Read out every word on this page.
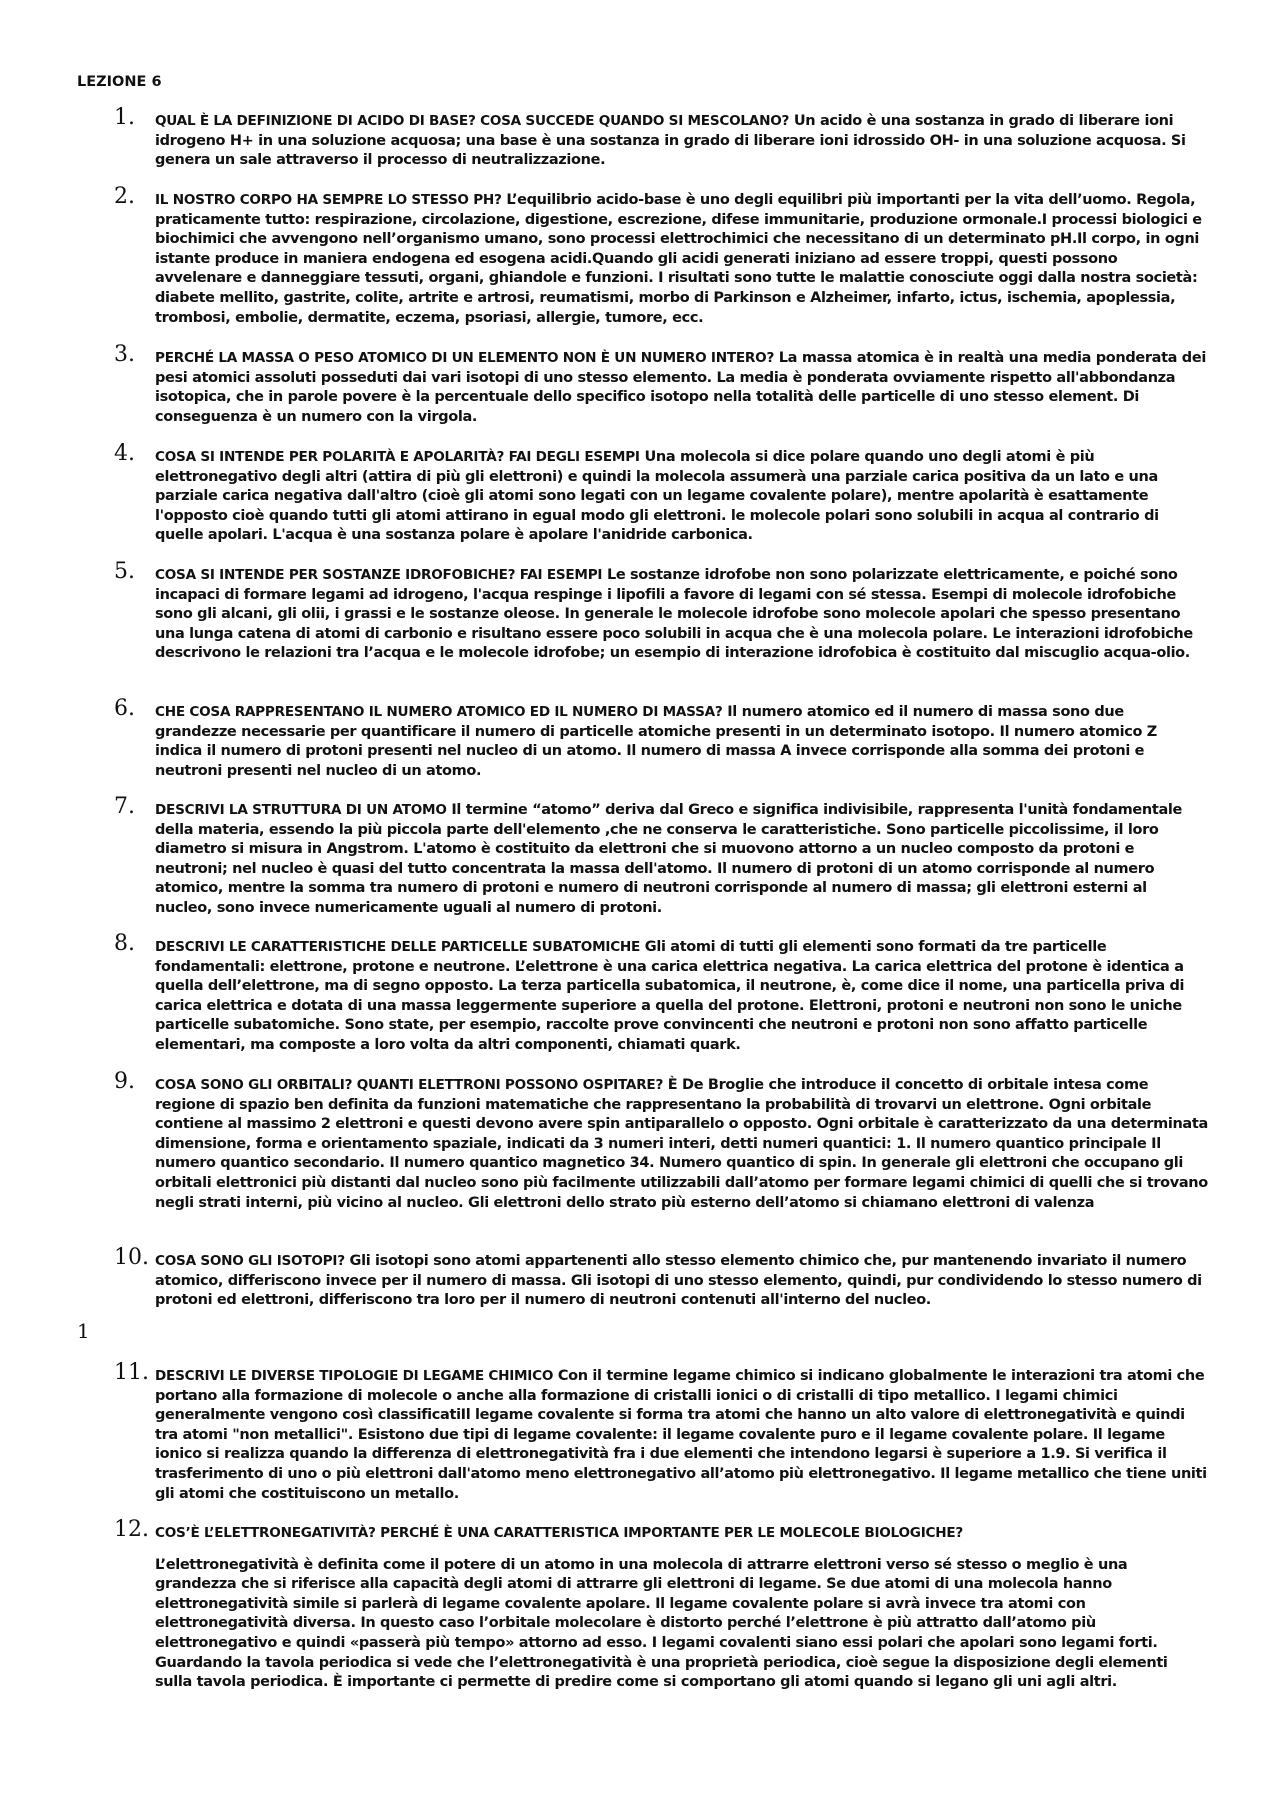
LEZIONE 6
1.	QUAL È LA DEFINIZIONE DI ACIDO DI BASE? COSA SUCCEDE QUANDO SI MESCOLANO? Un acido è una sostanza in grado di liberare ioni idrogeno H+ in una soluzione acquosa; una base è una sostanza in grado di liberare ioni idrossido OH- in una soluzione acquosa. Si genera un sale attraverso il processo di neutralizzazione.
2.	IL NOSTRO CORPO HA SEMPRE LO STESSO PH? L’equilibrio acido-base è uno degli equilibri più importanti per la vita dell’uomo. Regola, praticamente tutto: respirazione, circolazione, digestione, escrezione, difese immunitarie, produzione ormonale.I processi biologici e biochimici che avvengono nell’organismo umano, sono processi elettrochimici che necessitano di un determinato pH.Il corpo, in ogni istante produce in maniera endogena ed esogena acidi.Quando gli acidi generati iniziano ad essere troppi, questi possono avvelenare e danneggiare tessuti, organi, ghiandole e funzioni. I risultati sono tutte le malattie conosciute oggi dalla nostra società: diabete mellito, gastrite, colite, artrite e artrosi, reumatismi, morbo di Parkinson e Alzheimer, infarto, ictus, ischemia, apoplessia, trombosi, embolie, dermatite, eczema, psoriasi, allergie, tumore, ecc.
3.	PERCHÉ LA MASSA O PESO ATOMICO DI UN ELEMENTO NON È UN NUMERO INTERO? La massa atomica è in realtà una media ponderata dei pesi atomici assoluti posseduti dai vari isotopi di uno stesso elemento. La media è ponderata ovviamente rispetto all'abbondanza isotopica, che in parole povere è la percentuale dello specifico isotopo nella totalità delle particelle di uno stesso element. Di conseguenza è un numero con la virgola.
4.	COSA SI INTENDE PER POLARITÀ E APOLARITÀ? FAI DEGLI ESEMPI Una molecola si dice polare quando uno degli atomi è più elettronegativo degli altri (attira di più gli elettroni) e quindi la molecola assumerà una parziale carica positiva da un lato e una parziale carica negativa dall'altro (cioè gli atomi sono legati con un legame covalente polare), mentre apolarità è esattamente l'opposto cioè quando tutti gli atomi attirano in egual modo gli elettroni. le molecole polari sono solubili in acqua al contrario di quelle apolari. L'acqua è una sostanza polare è apolare l'anidride carbonica.
5.	COSA SI INTENDE PER SOSTANZE IDROFOBICHE? FAI ESEMPI Le sostanze idrofobe non sono polarizzate elettricamente, e poiché sono incapaci di formare legami ad idrogeno, l'acqua respinge i lipofili a favore di legami con sé stessa. Esempi di molecole idrofobiche sono gli alcani, gli olii, i grassi e le sostanze oleose. In generale le molecole idrofobe sono molecole apolari che spesso presentano una lunga catena di atomi di carbonio e risultano essere poco solubili in acqua che è una molecola polare. Le interazioni idrofobiche descrivono le relazioni tra l’acqua e le molecole idrofobe; un esempio di interazione idrofobica è costituito dal miscuglio acqua-olio.
6.	CHE COSA RAPPRESENTANO IL NUMERO ATOMICO ED IL NUMERO DI MASSA? Il numero atomico ed il numero di massa sono due grandezze necessarie per quantificare il numero di particelle atomiche presenti in un determinato isotopo. Il numero atomico Z indica il numero di protoni presenti nel nucleo di un atomo. Il numero di massa A invece corrisponde alla somma dei protoni e neutroni presenti nel nucleo di un atomo.
7.	DESCRIVI LA STRUTTURA DI UN ATOMO Il termine “atomo” deriva dal Greco e significa indivisibile, rappresenta l'unità fondamentale della materia, essendo la più piccola parte dell'elemento ,che ne conserva le caratteristiche. Sono particelle piccolissime, il loro diametro si misura in Angstrom. L'atomo è costituito da elettroni che si muovono attorno a un nucleo composto da protoni e neutroni; nel nucleo è quasi del tutto concentrata la massa dell'atomo. Il numero di protoni di un atomo corrisponde al numero atomico, mentre la somma tra numero di protoni e numero di neutroni corrisponde al numero di massa; gli elettroni esterni al nucleo, sono invece numericamente uguali al numero di protoni.
8.	DESCRIVI LE CARATTERISTICHE DELLE PARTICELLE SUBATOMICHE Gli atomi di tutti gli elementi sono formati da tre particelle fondamentali: elettrone, protone e neutrone. L’elettrone è una carica elettrica negativa. La carica elettrica del protone è identica a quella dell’elettrone, ma di segno opposto. La terza particella subatomica, il neutrone, è, come dice il nome, una particella priva di carica elettrica e dotata di una massa leggermente superiore a quella del protone. Elettroni, protoni e neutroni non sono le uniche particelle subatomiche. Sono state, per esempio, raccolte prove convincenti che neutroni e protoni non sono affatto particelle elementari, ma composte a loro volta da altri componenti, chiamati quark.
9.	COSA SONO GLI ORBITALI? QUANTI ELETTRONI POSSONO OSPITARE? È De Broglie che introduce il concetto di orbitale intesa come regione di spazio ben definita da funzioni matematiche che rappresentano la probabilità di trovarvi un elettrone. Ogni orbitale contiene al massimo 2 elettroni e questi devono avere spin antiparallelo o opposto. Ogni orbitale è caratterizzato da una determinata dimensione, forma e orientamento spaziale, indicati da 3 numeri interi, detti numeri quantici: 1. Il numero quantico principale Il numero quantico secondario. Il numero quantico magnetico 34. Numero quantico di spin. In generale gli elettroni che occupano gli orbitali elettronici più distanti dal nucleo sono più facilmente utilizzabili dall’atomo per formare legami chimici di quelli che si trovano negli strati interni, più vicino al nucleo. Gli elettroni dello strato più esterno dell’atomo si chiamano elettroni di valenza
10. COSA SONO GLI ISOTOPI? Gli isotopi sono atomi appartenenti allo stesso elemento chimico che, pur mantenendo invariato il numero atomico, differiscono invece per il numero di massa. Gli isotopi di uno stesso elemento, quindi, pur condividendo lo stesso numero di protoni ed elettroni, differiscono tra loro per il numero di neutroni contenuti all'interno del nucleo.
1
11. DESCRIVI LE DIVERSE TIPOLOGIE DI LEGAME CHIMICO Con il termine legame chimico si indicano globalmente le interazioni tra atomi che portano alla formazione di molecole o anche alla formazione di cristalli ionici o di cristalli di tipo metallico. I legami chimici generalmente vengono così classificatiIl legame covalente si forma tra atomi che hanno un alto valore di elettronegatività e quindi tra atomi "non metallici". Esistono due tipi di legame covalente: il legame covalente puro e il legame covalente polare. Il legame ionico si realizza quando la differenza di elettronegatività fra i due elementi che intendono legarsi è superiore a 1.9. Si verifica il trasferimento di uno o più elettroni dall'atomo meno elettronegativo all’atomo più elettronegativo. Il legame metallico che tiene uniti gli atomi che costituiscono un metallo.
12. COS’È L’ELETTRONEGATIVITÀ? PERCHÉ È UNA CARATTERISTICA IMPORTANTE PER LE MOLECOLE BIOLOGICHE?

L’elettronegatività è definita come il potere di un atomo in una molecola di attrarre elettroni verso sé stesso o meglio è una grandezza che si riferisce alla capacità degli atomi di attrarre gli elettroni di legame. Se due atomi di una molecola hanno elettronegatività simile si parlerà di legame covalente apolare. Il legame covalente polare si avrà invece tra atomi con elettronegatività diversa. In questo caso l’orbitale molecolare è distorto perché l’elettrone è più attratto dall’atomo più elettronegativo e quindi «passerà più tempo» attorno ad esso. I legami covalenti siano essi polari che apolari sono legami forti. Guardando la tavola periodica si vede che l’elettronegatività è una proprietà periodica, cioè segue la disposizione degli elementi sulla tavola periodica. È importante ci permette di predire come si comportano gli atomi quando si legano gli uni agli altri.
